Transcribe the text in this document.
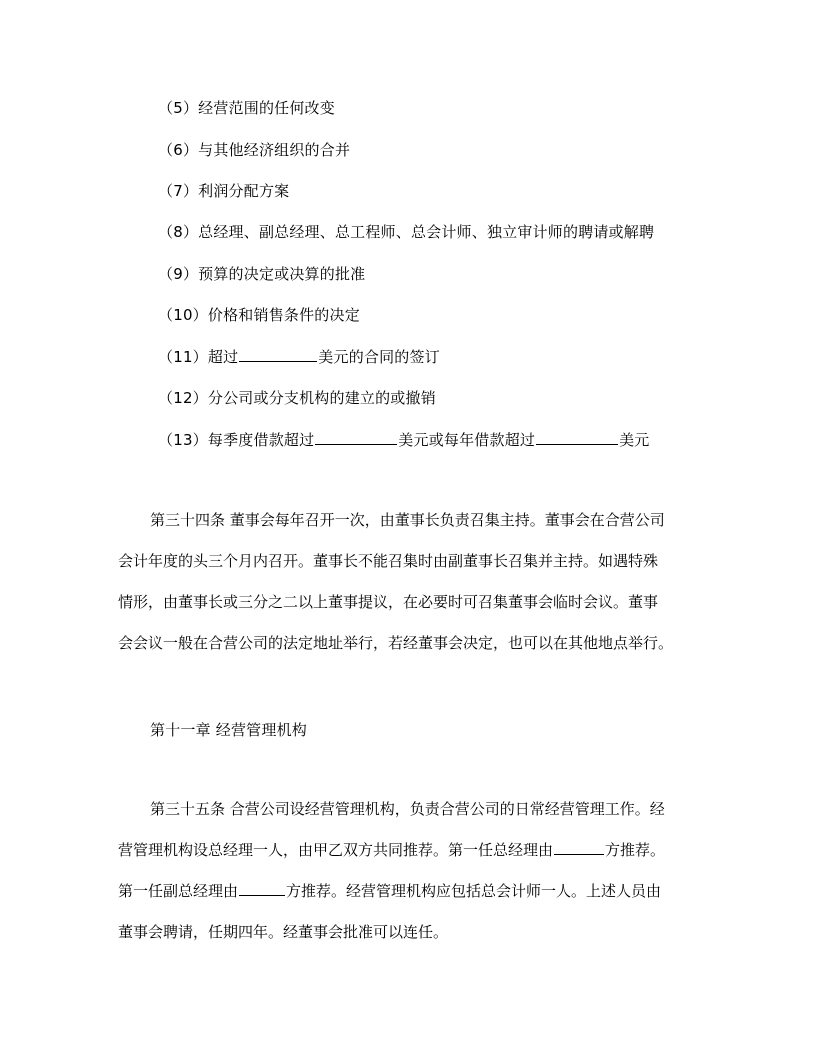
（5）经营范围的任何改变
（6）与其他经济组织的合并
（7）利润分配方案
（8）总经理、副总经理、总工程师、总会计师、独立审计师的聘请或解聘
（9）预算的决定或决算的批准
（10）价格和销售条件的决定
（11）超过	美元的合同的签订
（12）分公司或分支机构的建立的或撤销
（13）每季度借款超过	美元或每年借款超过	美元

第三十四条 董事会每年召开一次，由董事长负责召集主持。董事会在合营公司

会计年度的头三个月内召开。董事长不能召集时由副董事长召集并主持。如遇特殊

情形，由董事长或三分之二以上董事提议，在必要时可召集董事会临时会议。董事

会会议一般在合营公司的法定地址举行，若经董事会决定，也可以在其他地点举行。

第十一章 经营管理机构

第三十五条 合营公司设经营管理机构，负责合营公司的日常经营管理工作。经

营管理机构设总经理一人，由甲乙双方共同推荐。第一任总经理由	方推荐。

第一任副总经理由	方推荐。经营管理机构应包括总会计师一人。上述人员由

董事会聘请，任期四年。经董事会批准可以连任。
